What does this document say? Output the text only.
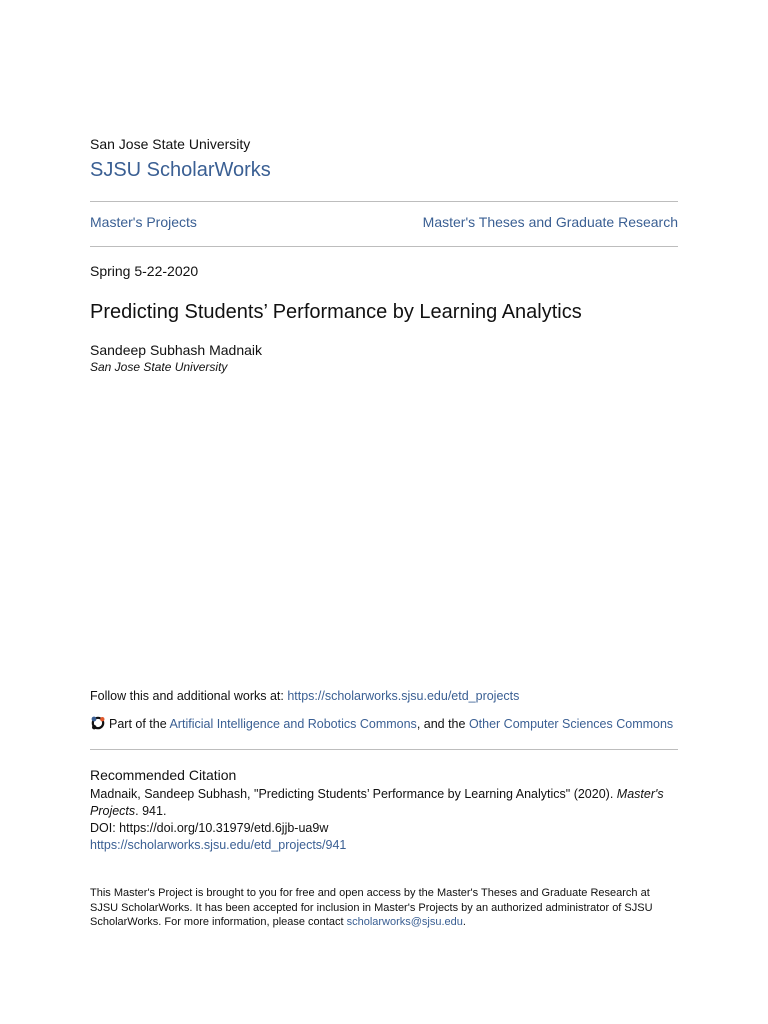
San Jose State University
SJSU ScholarWorks
Master's Projects	Master's Theses and Graduate Research
Spring 5-22-2020
Predicting Students’ Performance by Learning Analytics
Sandeep Subhash Madnaik
San Jose State University
Follow this and additional works at: https://scholarworks.sjsu.edu/etd_projects
Part of the Artificial Intelligence and Robotics Commons, and the Other Computer Sciences Commons
Recommended Citation
Madnaik, Sandeep Subhash, "Predicting Students’ Performance by Learning Analytics" (2020). Master's Projects. 941.
DOI: https://doi.org/10.31979/etd.6jjb-ua9w
https://scholarworks.sjsu.edu/etd_projects/941
This Master's Project is brought to you for free and open access by the Master's Theses and Graduate Research at SJSU ScholarWorks. It has been accepted for inclusion in Master's Projects by an authorized administrator of SJSU ScholarWorks. For more information, please contact scholarworks@sjsu.edu.
